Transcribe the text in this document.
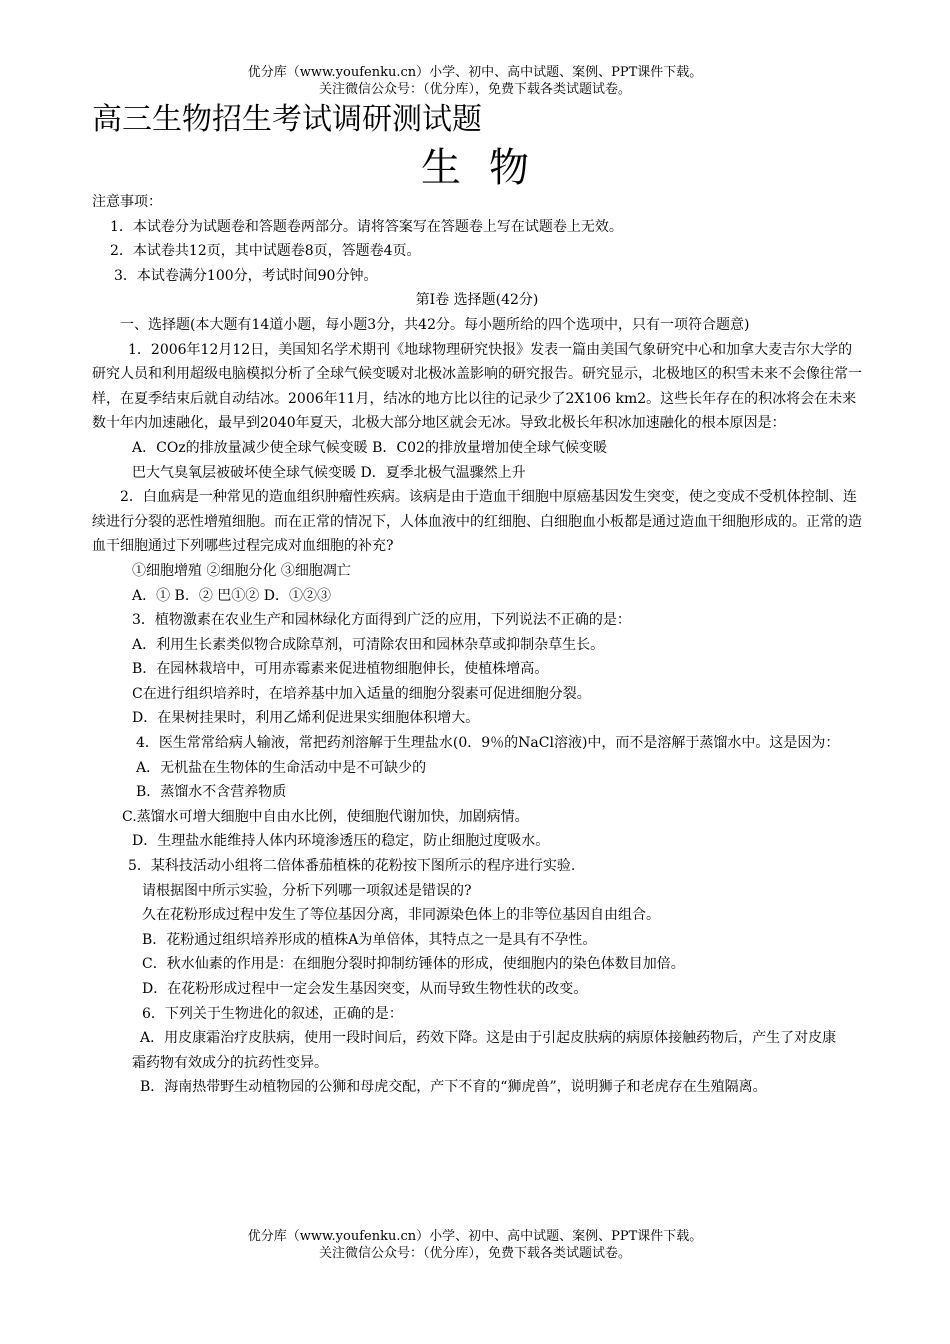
优分库（www.youfenku.cn）小学、初中、高中试题、案例、PPT课件下载。
关注微信公众号：（优分库），免费下载各类试题试卷。
高三生物招生考试调研测试题
生物

注意事项：

1．本试卷分为试题卷和答题卷两部分。请将答案写在答题卷上写在试题卷上无效。

2．本试卷共12页，其中试题卷8页，答题卷4页。

3．本试卷满分100分，考试时间90分钟。

第I卷 选择题(42分)

一、选择题(本大题有14道小题，每小题3分，共42分。每小题所给的四个选项中，只有一项符合题意)

1．2006年12月12日，美国知名学术期刊《地球物理研究快报》发表一篇由美国气象研究中心和加拿大麦吉尔大学的研究人员和利用超级电脑模拟分析了全球气候变暖对北极冰盖影响的研究报告。研究显示，北极地区的积雪未来不会像往常一样，在夏季结束后就自动结冰。2006年11月，结冰的地方比以往的记录少了2X106 km2。这些长年存在的积冰将会在未来数十年内加速融化，最早到2040年夏天，北极大部分地区就会无冰。导致北极长年积冰加速融化的根本原因是：

A．COz的排放量减少使全球气候变暖 B．C02的排放量增加使全球气候变暖

巴大气臭氧层被破坏使全球气候变暖 D．夏季北极气温骤然上升

2．白血病是一种常见的造血组织肿瘤性疾病。该病是由于造血干细胞中原癌基因发生突变，使之变成不受机体控制、连续进行分裂的恶性增殖细胞。而在正常的情况下，人体血液中的红细胞、白细胞血小板都是通过造血干细胞形成的。正常的造血干细胞通过下列哪些过程完成对血细胞的补充?

①细胞增殖 ②细胞分化 ③细胞凋亡

A．① B．② 巴①② D．①②③

3．植物激素在农业生产和园林绿化方面得到广泛的应用，下列说法不正确的是：

A．利用生长素类似物合成除草剂，可清除农田和园林杂草或抑制杂草生长。

B．在园林栽培中，可用赤霉素来促进植物细胞伸长，使植株增高。

C在进行组织培养时，在培养基中加入适量的细胞分裂素可促进细胞分裂。

D．在果树挂果时，利用乙烯利促进果实细胞体积增大。

4．医生常常给病人输液，常把药剂溶解于生理盐水(0．9％的NaCl溶液)中，而不是溶解于蒸馏水中。这是因为：

A．无机盐在生物体的生命活动中是不可缺少的

B．蒸馏水不含营养物质

C.蒸馏水可增大细胞中自由水比例，使细胞代谢加快，加剧病情。

D．生理盐水能维持人体内环境渗透压的稳定，防止细胞过度吸水。

5．某科技活动小组将二倍体番茄植株的花粉按下图所示的程序进行实验.

请根据图中所示实验，分析下列哪一项叙述是错误的?

久在花粉形成过程中发生了等位基因分离，非同源染色体上的非等位基因自由组合。

B．花粉通过组织培养形成的植株A为单倍体，其特点之一是具有不孕性。

C．秋水仙素的作用是：在细胞分裂时抑制纺锤体的形成，使细胞内的染色体数目加倍。

D．在花粉形成过程中一定会发生基因突变，从而导致生物性状的改变。

6．下列关于生物进化的叙述，正确的是：

A．用皮康霜治疗皮肤病，使用一段时间后，药效下降。这是由于引起皮肤病的病原体接触药物后，产生了对皮康霜药物有效成分的抗药性变异。

B．海南热带野生动植物园的公狮和母虎交配，产下不育的“狮虎兽”，说明狮子和老虎存在生殖隔离。

优分库（www.youfenku.cn）小学、初中、高中试题、案例、PPT课件下载。
关注微信公众号：（优分库），免费下载各类试题试卷。
